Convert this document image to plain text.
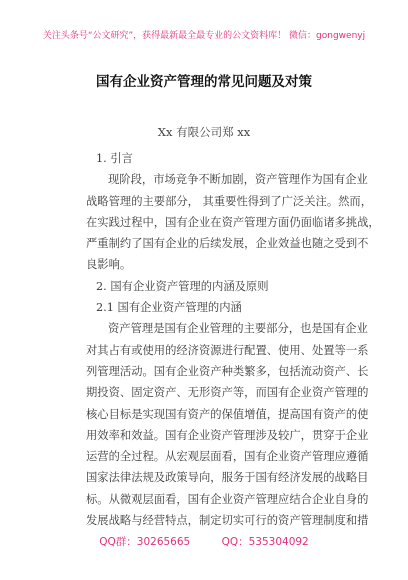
关注头条号“公文研究”，获得最新最全最专业的公文资料库！ 微信：gongwenyj
国有企业资产管理的常见问题及对策
Xx 有限公司郑 xx
1. 引言
现阶段，市场竞争不断加剧，资产管理作为国有企业
战略管理的主要部分， 其重要性得到了广泛关注。然而，
在实践过程中，国有企业在资产管理方面仍面临诸多挑战，
严重制约了国有企业的后续发展，企业效益也随之受到不
良影响。
2. 国有企业资产管理的内涵及原则
2.1 国有企业资产管理的内涵
资产管理是国有企业管理的主要部分，也是国有企业
对其占有或使用的经济资源进行配置、使用、处置等一系
列管理活动。国有企业资产种类繁多，包括流动资产、长
期投资、固定资产、无形资产等，而国有企业资产管理的
核心目标是实现国有资产的保值增值，提高国有资产的使
用效率和效益。国有企业资产管理涉及较广，贯穿于企业
运营的全过程。从宏观层面看，国有企业资产管理应遵循
国家法律法规及政策导向，服务于国有经济发展的战略目
标。从微观层面看，国有企业资产管理应结合企业自身的
发展战略与经营特点，制定切实可行的资产管理制度和措
QQ群：30265665	QQ：535304092
